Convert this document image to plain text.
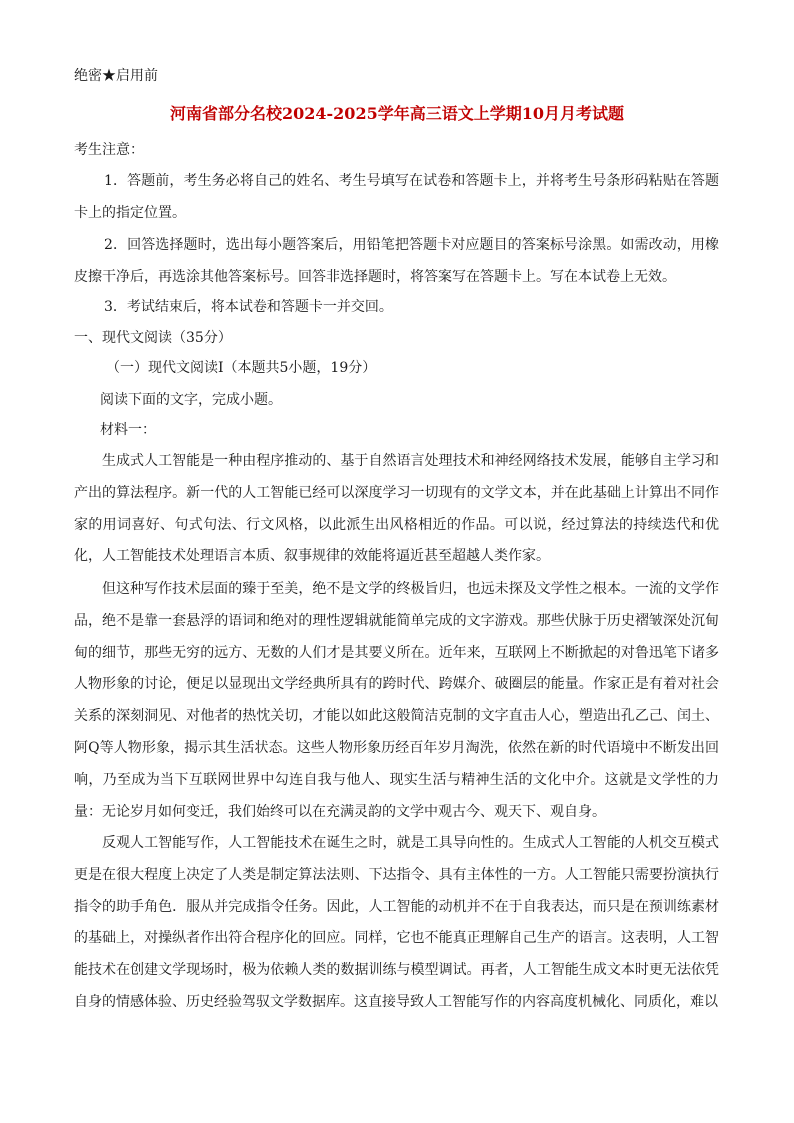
绝密★启用前
河南省部分名校2024-2025学年高三语文上学期10月月考试题
考生注意：
1．答题前，考生务必将自己的姓名、考生号填写在试卷和答题卡上，并将考生号条形码粘贴在答题卡上的指定位置。
2．回答选择题时，选出每小题答案后，用铅笔把答题卡对应题目的答案标号涂黑。如需改动，用橡皮擦干净后，再选涂其他答案标号。回答非选择题时，将答案写在答题卡上。写在本试卷上无效。
3．考试结束后，将本试卷和答题卡一并交回。
一、现代文阅读（35分）
（一）现代文阅读Ⅰ（本题共5小题，19分）
阅读下面的文字，完成小题。
材料一：
生成式人工智能是一种由程序推动的、基于自然语言处理技术和神经网络技术发展，能够自主学习和产出的算法程序。新一代的人工智能已经可以深度学习一切现有的文学文本，并在此基础上计算出不同作家的用词喜好、句式句法、行文风格，以此派生出风格相近的作品。可以说，经过算法的持续迭代和优化，人工智能技术处理语言本质、叙事规律的效能将逼近甚至超越人类作家。
但这种写作技术层面的臻于至美，绝不是文学的终极旨归，也远未探及文学性之根本。一流的文学作品，绝不是靠一套悬浮的语词和绝对的理性逻辑就能简单完成的文字游戏。那些伏脉于历史褶皱深处沉甸甸的细节，那些无穷的远方、无数的人们才是其要义所在。近年来，互联网上不断掀起的对鲁迅笔下诸多人物形象的讨论，便足以显现出文学经典所具有的跨时代、跨媒介、破圈层的能量。作家正是有着对社会关系的深刻洞见、对他者的热忱关切，才能以如此这般简洁克制的文字直击人心，塑造出孔乙己、闰土、阿Q等人物形象，揭示其生活状态。这些人物形象历经百年岁月淘洗，依然在新的时代语境中不断发出回响，乃至成为当下互联网世界中勾连自我与他人、现实生活与精神生活的文化中介。这就是文学性的力量：无论岁月如何变迁，我们始终可以在充满灵韵的文学中观古今、观天下、观自身。
反观人工智能写作，人工智能技术在诞生之时，就是工具导向性的。生成式人工智能的人机交互模式更是在很大程度上决定了人类是制定算法法则、下达指令、具有主体性的一方。人工智能只需要扮演执行指令的助手角色．服从并完成指令任务。因此，人工智能的动机并不在于自我表达，而只是在预训练素材的基础上，对操纵者作出符合程序化的回应。同样，它也不能真正理解自己生产的语言。这表明，人工智能技术在创建文学现场时，极为依赖人类的数据训练与模型调试。再者，人工智能生成文本时更无法依凭自身的情感体验、历史经验驾驭文学数据库。这直接导致人工智能写作的内容高度机械化、同质化，难以
